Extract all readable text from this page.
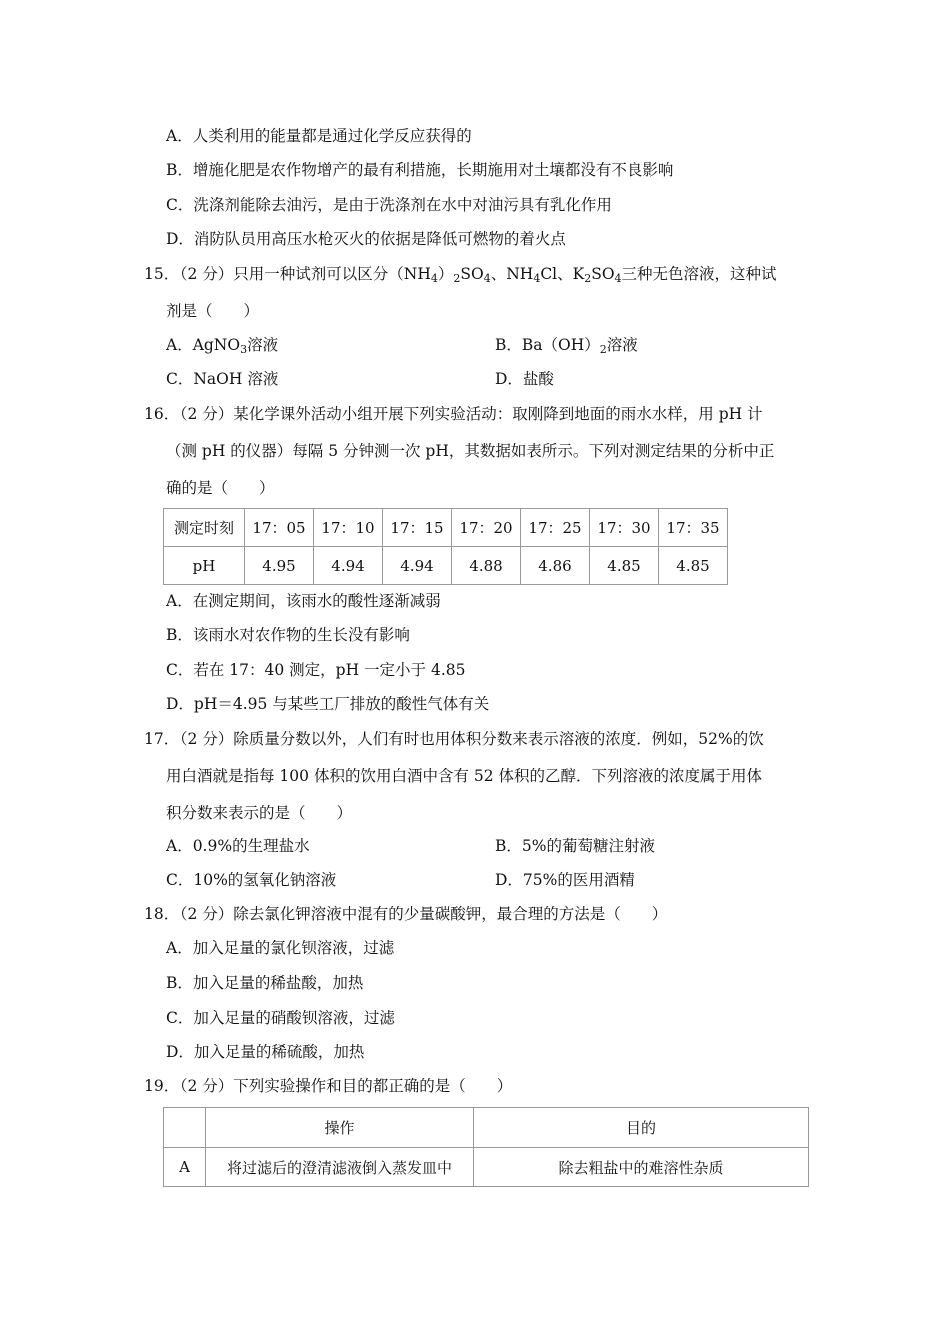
A．人类利用的能量都是通过化学反应获得的
B．增施化肥是农作物增产的最有利措施，长期施用对土壤都没有不良影响
C．洗涤剂能除去油污，是由于洗涤剂在水中对油污具有乳化作用
D．消防队员用高压水枪灭火的依据是降低可燃物的着火点
15．
（2 分）只用一种试剂可以区分$(NH_4)_2SO_4$、$NH_4Cl$、$K_2SO_4$三种无色溶液，这种试
剂是（　　）
A．AgNO$_3$溶液	B．$Ba(OH)_2$溶液
C．NaOH 溶液	D．盐酸
16．
（2 分）某化学课外活动小组开展下列实验活动：取刚降到地面的雨水水样，用 pH 计
（测 pH 的仪器）每隔 5 分钟测一次 pH，其数据如表所示。下列对测定结果的分析中正
确的是（　　）
测定时刻	17：05	17：10	17：15	17：20	17：25	17：30	17：35
pH	4.95	4.94	4.94	4.88	4.86	4.85	4.85
A．在测定期间，该雨水的酸性逐渐减弱
B．该雨水对农作物的生长没有影响
C．若在 17：40 测定，pH 一定小于 4.85
D．pH＝4.95 与某些工厂排放的酸性气体有关
17．
（2 分）除质量分数以外，人们有时也用体积分数来表示溶液的浓度．例如，52%的饮
用白酒就是指每 100 体积的饮用白酒中含有 52 体积的乙醇．下列溶液的浓度属于用体
积分数来表示的是（　　）
A．0.9%的生理盐水	B．5%的葡萄糖注射液
C．10%的氢氧化钠溶液	D．75%的医用酒精
18．
（2 分）除去氯化钾溶液中混有的少量碳酸钾，最合理的方法是（　　）
A．加入足量的氯化钡溶液，过滤
B．加入足量的稀盐酸，加热
C．加入足量的硝酸钡溶液，过滤
D．加入足量的稀硫酸，加热
19．
（2 分）下列实验操作和目的都正确的是（　　）
	操作	目的
A	将过滤后的澄清滤液倒入蒸发皿中	除去粗盐中的难溶性杂质
